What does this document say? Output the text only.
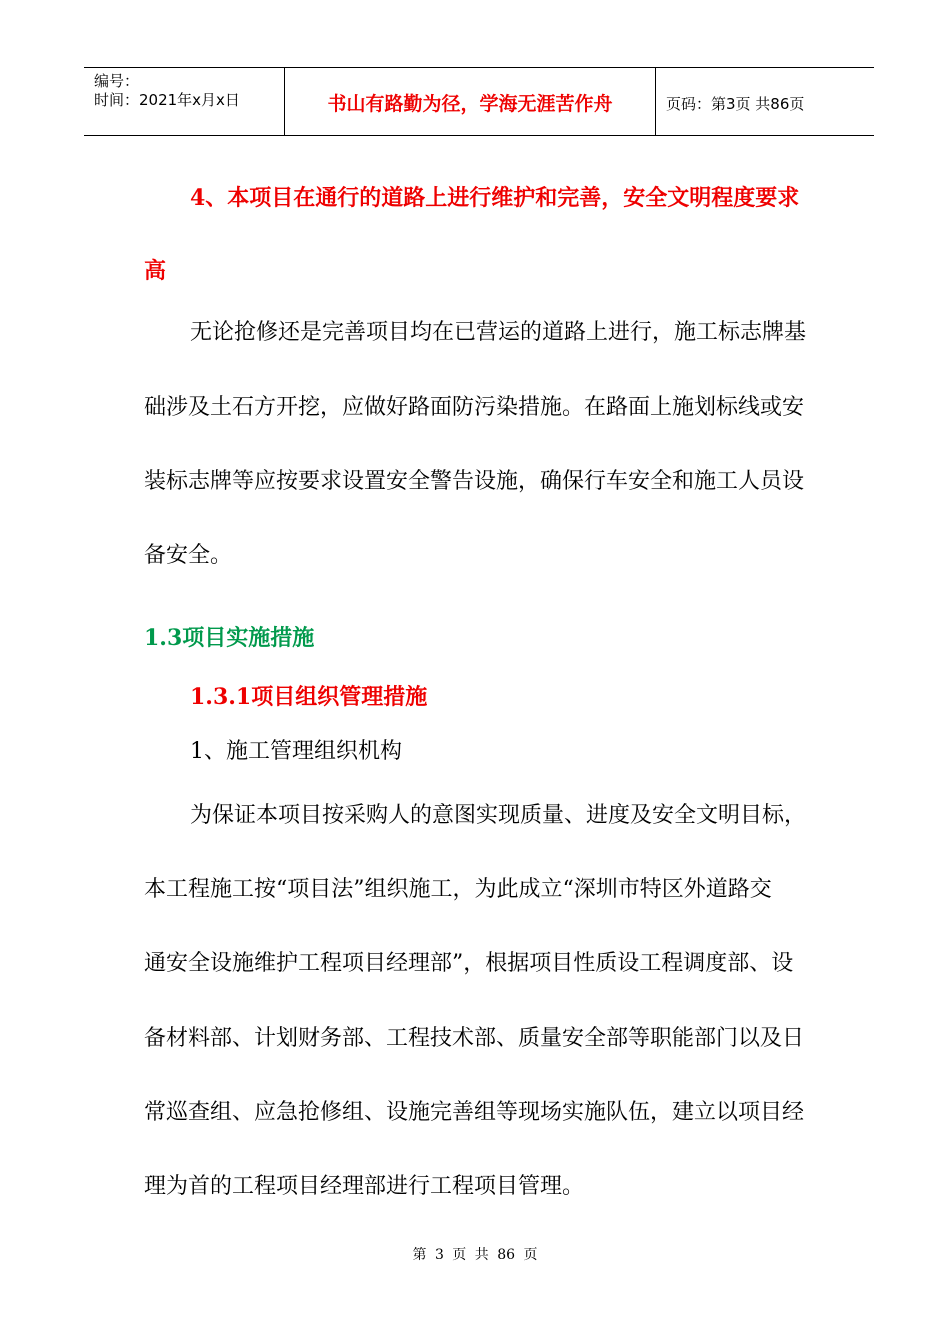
编号：
时间：2021年x月x日	书山有路勤为径，学海无涯苦作舟	页码：第3页 共86页
4、本项目在通行的道路上进行维护和完善，安全文明程度要求
高
无论抢修还是完善项目均在已营运的道路上进行，施工标志牌基
础涉及土石方开挖，应做好路面防污染措施。在路面上施划标线或安
装标志牌等应按要求设置安全警告设施，确保行车安全和施工人员设
备安全。
1.3项目实施措施
1.3.1项目组织管理措施
1、施工管理组织机构
为保证本项目按采购人的意图实现质量、进度及安全文明目标，
本工程施工按“项目法”组织施工，为此成立“深圳市特区外道路交
通安全设施维护工程项目经理部”，根据项目性质设工程调度部、设
备材料部、计划财务部、工程技术部、质量安全部等职能部门以及日
常巡查组、应急抢修组、设施完善组等现场实施队伍，建立以项目经
理为首的工程项目经理部进行工程项目管理。
第 3 页 共 86 页
